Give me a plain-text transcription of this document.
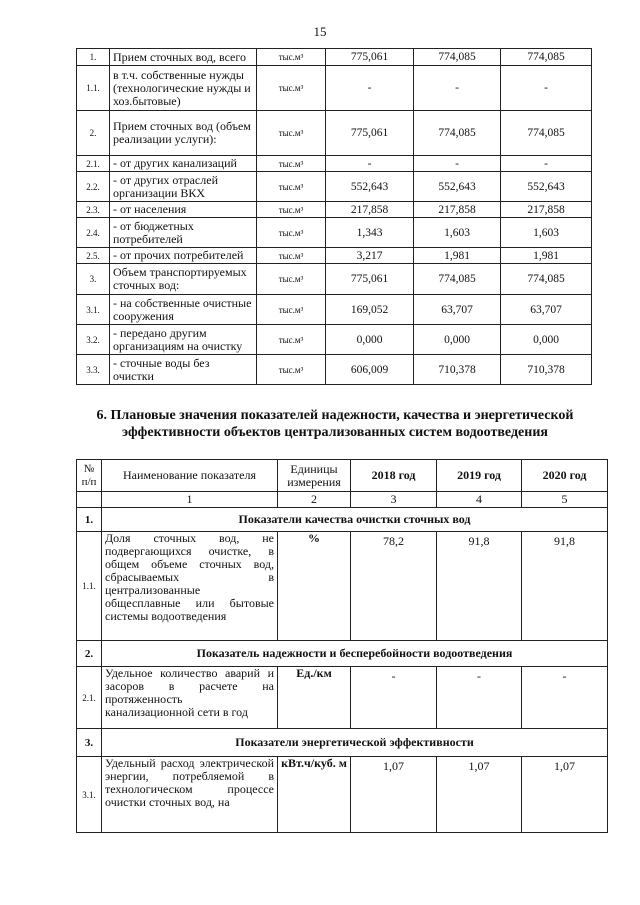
15
1.	Прием сточных вод, всего	тыс.м³	775,061	774,085	774,085
1.1.	в т.ч. собственные нужды (технологические нужды и хоз.бытовые)	тыс.м³	-	-	-
2.	Прием сточных вод (объем реализации услуги):	тыс.м³	775,061	774,085	774,085
2.1.	- от других канализаций	тыс.м³	-	-	-
2.2.	- от других отраслей организации ВКХ	тыс.м³	552,643	552,643	552,643
2.3.	- от населения	тыс.м³	217,858	217,858	217,858
2.4.	- от бюджетных потребителей	тыс.м³	1,343	1,603	1,603
2.5.	- от прочих потребителей	тыс.м³	3,217	1,981	1,981
3.	Объем транспортируемых сточных вод:	тыс.м³	775,061	774,085	774,085
3.1.	- на собственные очистные сооружения	тыс.м³	169,052	63,707	63,707
3.2.	- передано другим организациям на очистку	тыс.м³	0,000	0,000	0,000
3.3.	- сточные воды без очистки	тыс.м³	606,009	710,378	710,378
6. Плановые значения показателей надежности, качества и энергетической эффективности объектов централизованных систем водоотведения
№ п/п	Наименование показателя	Единицы измерения	2018 год	2019 год	2020 год
	1	2	3	4	5
1.	Показатели качества очистки сточных вод				
1.1.	Доля сточных вод, не подвергающихся очистке, в общем объеме сточных вод, сбрасываемых в централизованные общесплавные или бытовые системы водоотведения	%	78,2	91,8	91,8
2.	Показатель надежности и бесперебойности водоотведения				
2.1.	Удельное количество аварий и засоров в расчете на протяженность канализационной сети в год	Ед./км	-	-	-
3.	Показатели энергетической эффективности				
3.1.	Удельный расход электрической энергии, потребляемой в технологическом процессе очистки сточных вод, на	кВт.ч/куб. м	1,07	1,07	1,07
